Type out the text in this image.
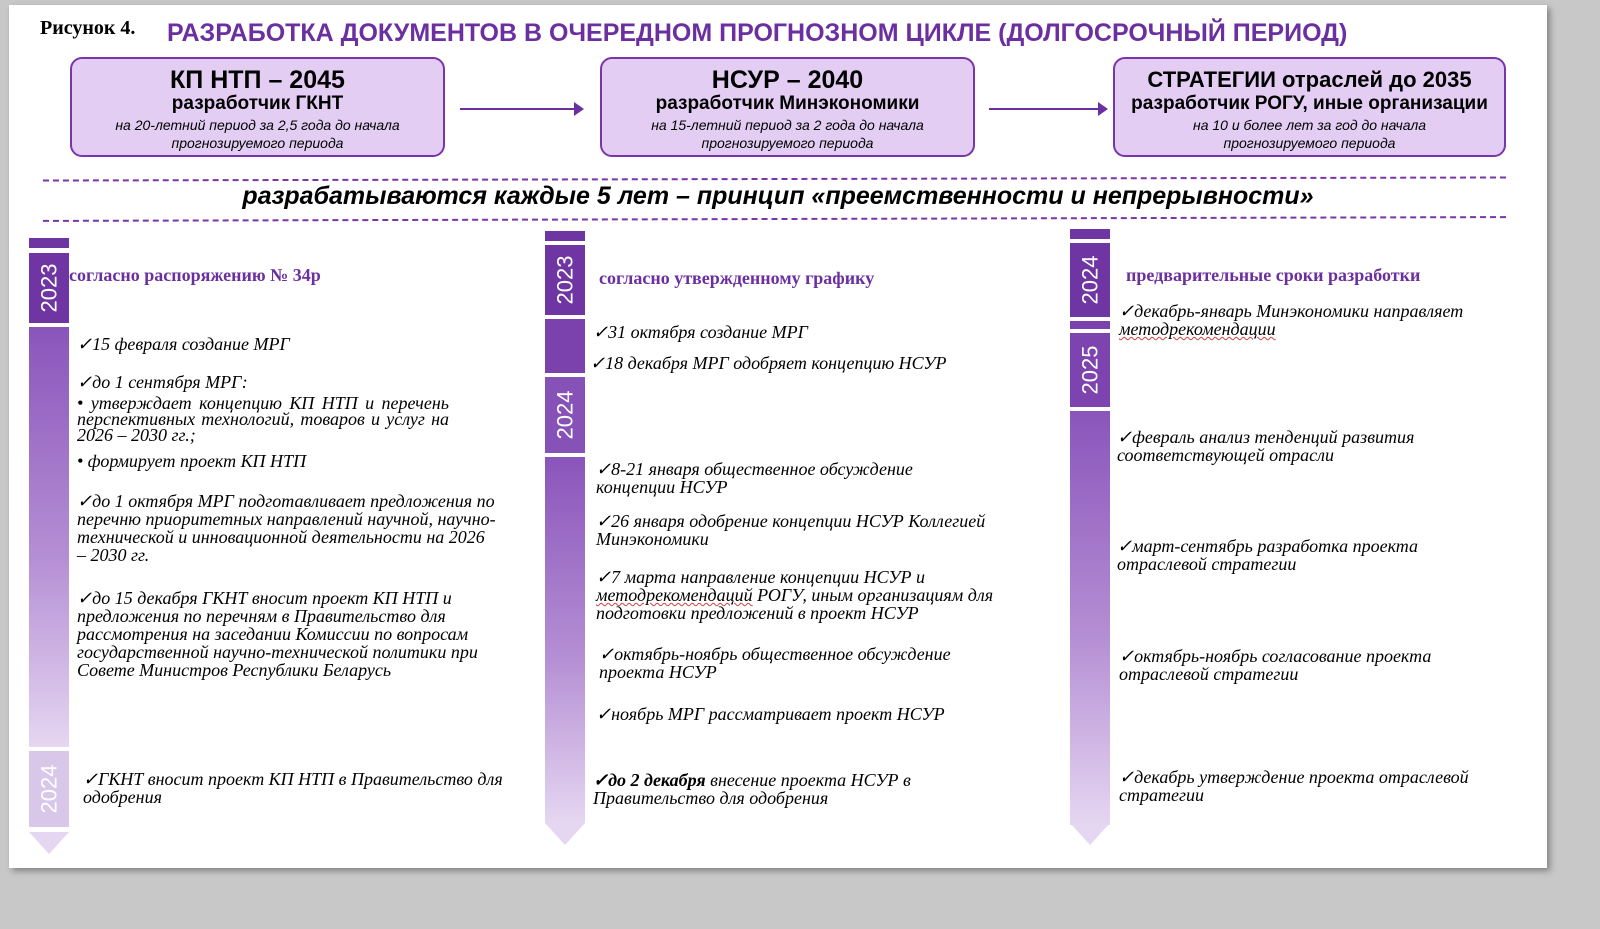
Рисунок 4. РАЗРАБОТКА ДОКУМЕНТОВ В ОЧЕРЕДНОМ ПРОГНОЗНОМ ЦИКЛЕ (ДОЛГОСРОЧНЫЙ ПЕРИОД)
КП НТП – 2045
разработчик ГКНТ
на 20-летний период за 2,5 года до начала
прогнозируемого периода
НСУР – 2040
разработчик Минэкономики
на 15-летний период за 2 года до начала
прогнозируемого периода
СТРАТЕГИИ отраслей до 2035
разработчик РОГУ, иные организации
на 10 и более лет за год до начала
прогнозируемого периода
разрабатываются каждые 5 лет – принцип «преемственности и непрерывности»
2023
2024
согласно распоряжению № 34р
✓15 февраля создание МРГ
✓до 1 сентября МРГ:
• утверждает концепцию КП НТП и перечень перспективных технологий, товаров и услуг на 2026 – 2030 гг.;
• формирует проект КП НТП
✓до 1 октября МРГ подготавливает предложения по перечню приоритетных направлений научной, научно-технической и инновационной деятельности на 2026 – 2030 гг.
✓до 15 декабря ГКНТ вносит проект КП НТП и предложения по перечням в Правительство для рассмотрения на заседании Комиссии по вопросам государственной научно-технической политики при Совете Министров Республики Беларусь
✓ГКНТ вносит проект КП НТП в Правительство для одобрения
2023
2024
согласно утвержденному графику
✓31 октября создание МРГ
✓18 декабря МРГ одобряет концепцию НСУР
✓8-21 января общественное обсуждение концепции НСУР
✓26 января одобрение концепции НСУР Коллегией Минэкономики
✓7 марта направление концепции НСУР и
методрекомендаций РОГУ, иным организациям для подготовки предложений в проект НСУР
✓октябрь-ноябрь общественное обсуждение проекта НСУР
✓ноябрь МРГ рассматривает проект НСУР
✓до 2 декабря внесение проекта НСУР в Правительство для одобрения
2024
2025
предварительные сроки разработки
✓декабрь-январь Минэкономики направляет
методрекомендации
✓февраль анализ тенденций развития соответствующей отрасли
✓март-сентябрь разработка проекта отраслевой стратегии
✓октябрь-ноябрь согласование проекта отраслевой стратегии
✓декабрь утверждение проекта отраслевой стратегии
